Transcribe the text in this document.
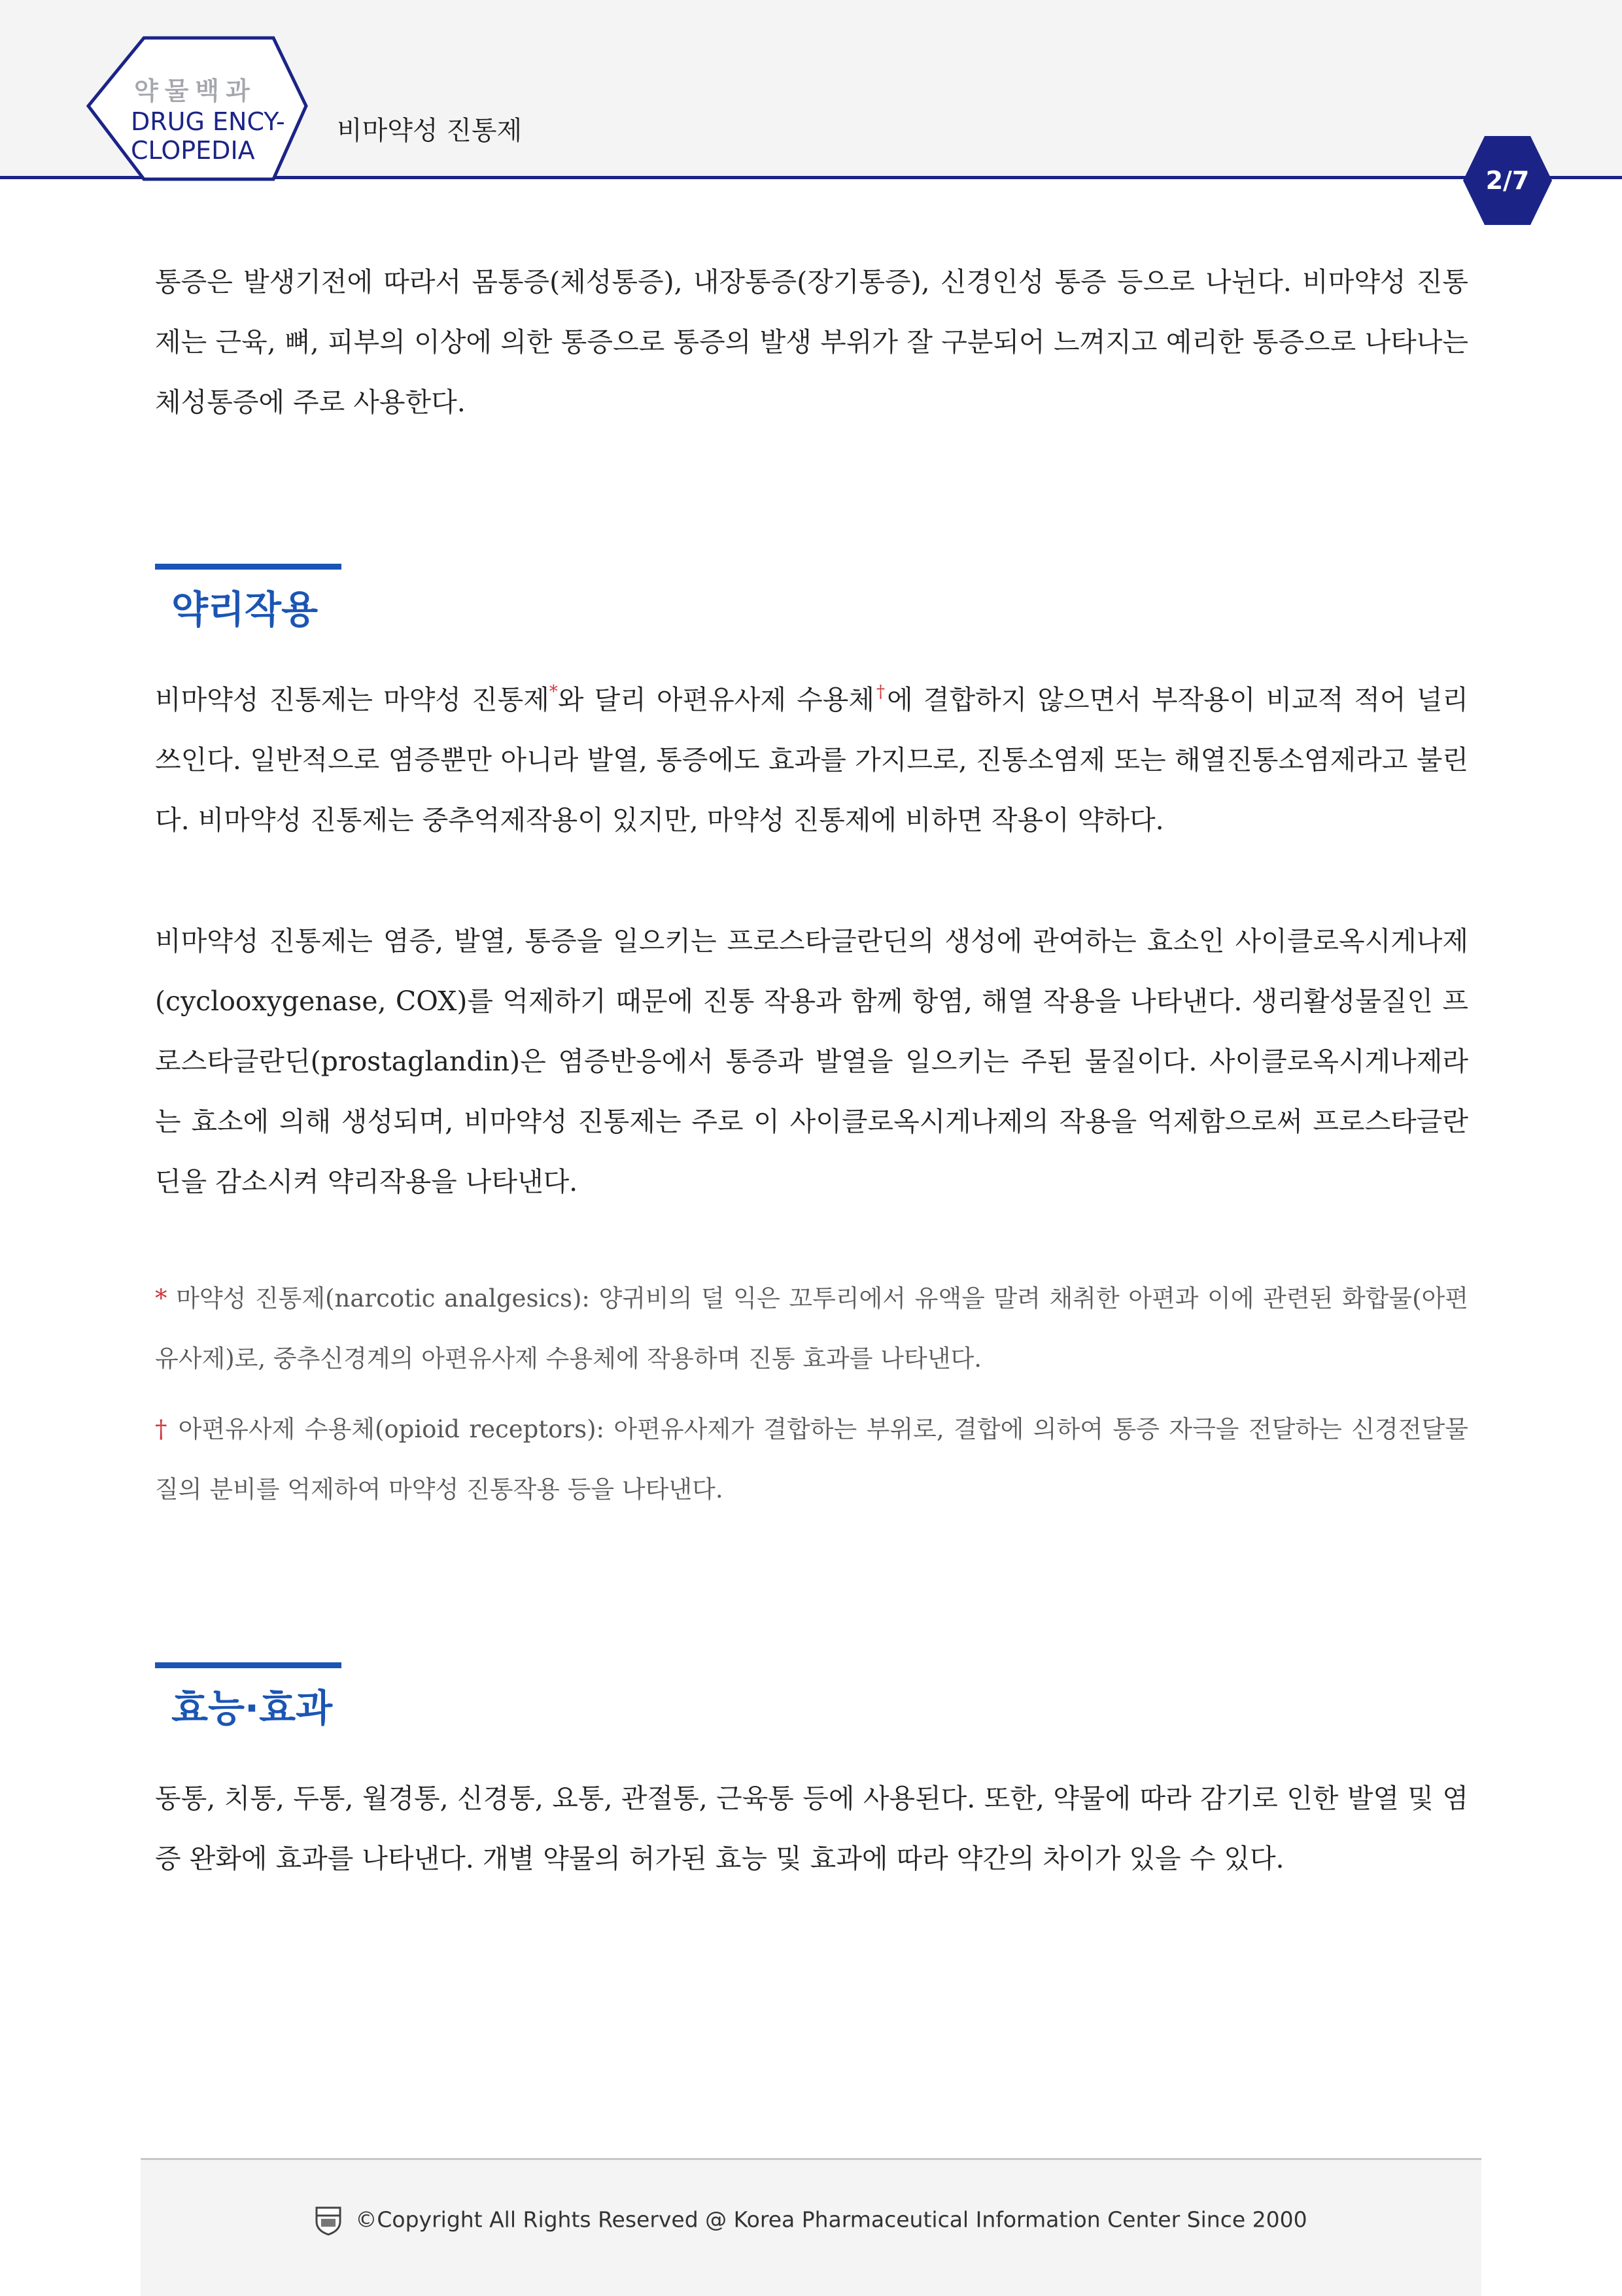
약물백과
DRUG ENCY-
CLOPEDIA
비마약성 진통제
2/7

통증은 발생기전에 따라서 몸통증(체성통증), 내장통증(장기통증), 신경인성 통증 등으로 나뉜다. 비마약성 진통제는 근육, 뼈, 피부의 이상에 의한 통증으로 통증의 발생 부위가 잘 구분되어 느껴지고 예리한 통증으로 나타나는 체성통증에 주로 사용한다.

약리작용

비마약성 진통제는 마약성 진통제*와 달리 아편유사제 수용체†에 결합하지 않으면서 부작용이 비교적 적어 널리 쓰인다. 일반적으로 염증뿐만 아니라 발열, 통증에도 효과를 가지므로, 진통소염제 또는 해열진통소염제라고 불린다. 비마약성 진통제는 중추억제작용이 있지만, 마약성 진통제에 비하면 작용이 약하다.

비마약성 진통제는 염증, 발열, 통증을 일으키는 프로스타글란딘의 생성에 관여하는 효소인 사이클로옥시게나제(cyclooxygenase, COX)를 억제하기 때문에 진통 작용과 함께 항염, 해열 작용을 나타낸다. 생리활성물질인 프로스타글란딘(prostaglandin)은 염증반응에서 통증과 발열을 일으키는 주된 물질이다. 사이클로옥시게나제라는 효소에 의해 생성되며, 비마약성 진통제는 주로 이 사이클로옥시게나제의 작용을 억제함으로써 프로스타글란딘을 감소시켜 약리작용을 나타낸다.

* 마약성 진통제(narcotic analgesics): 양귀비의 덜 익은 꼬투리에서 유액을 말려 채취한 아편과 이에 관련된 화합물(아편유사제)로, 중추신경계의 아편유사제 수용체에 작용하며 진통 효과를 나타낸다.

† 아편유사제 수용체(opioid receptors): 아편유사제가 결합하는 부위로, 결합에 의하여 통증 자극을 전달하는 신경전달물질의 분비를 억제하여 마약성 진통작용 등을 나타낸다.

효능·효과

동통, 치통, 두통, 월경통, 신경통, 요통, 관절통, 근육통 등에 사용된다. 또한, 약물에 따라 감기로 인한 발열 및 염증 완화에 효과를 나타낸다. 개별 약물의 허가된 효능 및 효과에 따라 약간의 차이가 있을 수 있다.

©Copyright All Rights Reserved @ Korea Pharmaceutical Information Center Since 2000
